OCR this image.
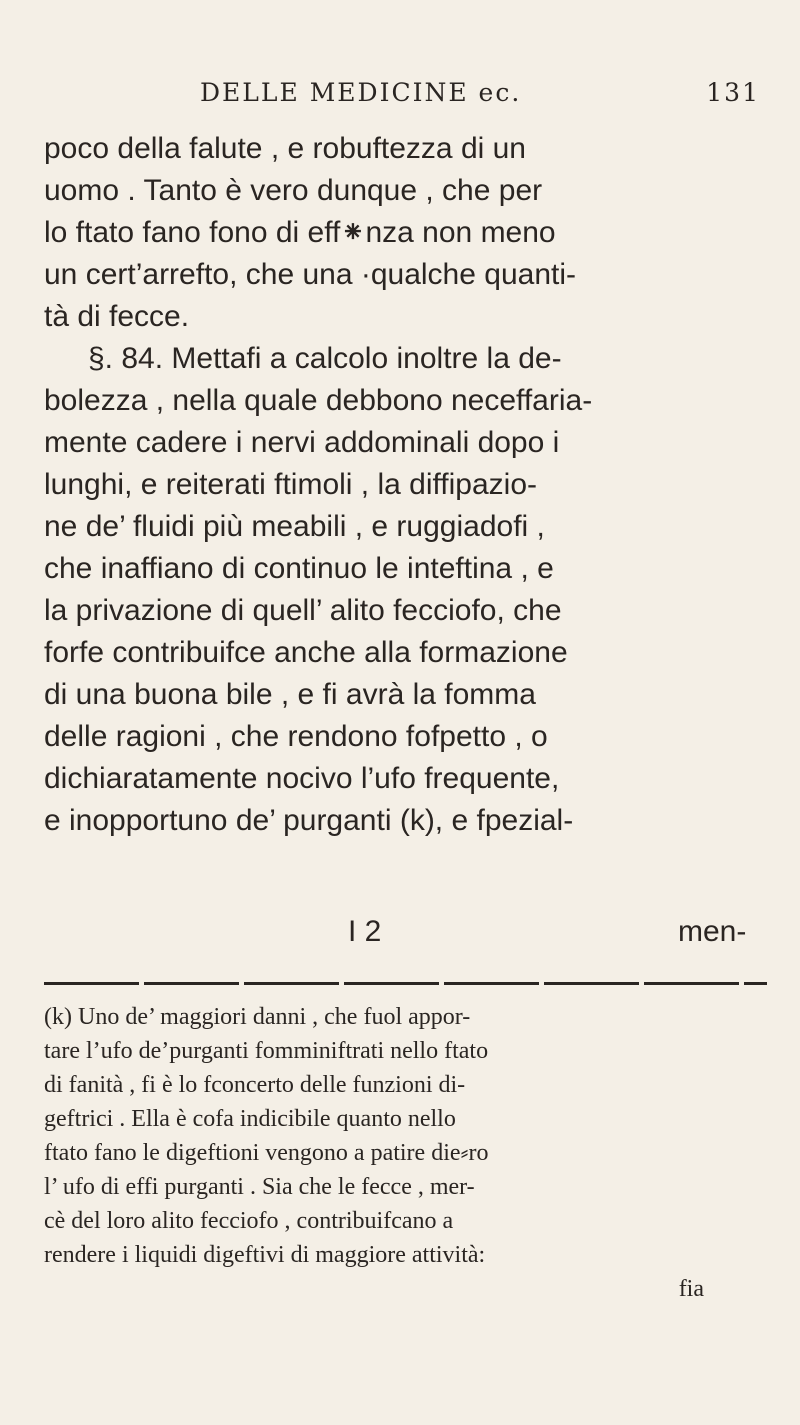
DELLE MEDICINE ec.	131
poco della falute , e robuftezza di un
uomo . Tanto è vero dunque , che per
lo ftato fano fono di eff⁕nza non meno
un cert’arrefto, che una ·qualche quanti-
tà di fecce.
§. 84. Mettafi a calcolo inoltre la de-
bolezza , nella quale debbono neceffaria-
mente cadere i nervi addominali dopo i
lunghi, e reiterati ftimoli , la diffipazio-
ne de’ fluidi più meabili , e ruggiadofi ,
che inaffiano di continuo le inteftina , e
la privazione di quell’ alito fecciofo, che
forfe contribuifce anche alla formazione
di una buona bile , e fi avrà la fomma
delle ragioni , che rendono fofpetto , o
dichiaratamente nocivo l’ufo frequente,
e inopportuno de’ purganti (k), e fpezial-
I 2	men-
(k) Uno de’ maggiori danni , che fuol appor-
tare l’ufo de’purganti fomminiftrati nello ftato
di fanità , fi è lo fconcerto delle funzioni di-
geftrici . Ella è cofa indicibile quanto nello
ftato fano le digeftioni vengono a patire die⸗ro
l’ ufo di effi purganti . Sia che le fecce , mer-
cè del loro alito fecciofo , contribuifcano a
rendere i liquidi digeftivi di maggiore attività:
fia
